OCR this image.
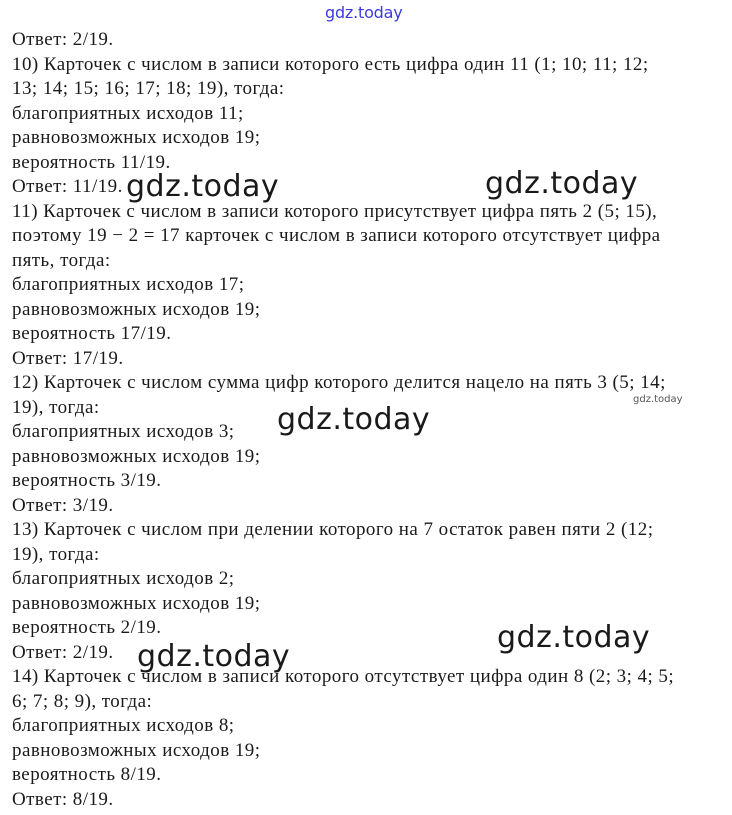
gdz.today
Ответ: 2/19.
10) Карточек с числом в записи которого есть цифра один 11 (1; 10; 11; 12;
13; 14; 15; 16; 17; 18; 19), тогда:
благоприятных исходов 11;
равновозможных исходов 19;
вероятность 11/19.
Ответ: 11/19.
11) Карточек с числом в записи которого присутствует цифра пять 2 (5; 15),
поэтому 19 − 2 = 17 карточек с числом в записи которого отсутствует цифра
пять, тогда:
благоприятных исходов 17;
равновозможных исходов 19;
вероятность 17/19.
Ответ: 17/19.
12) Карточек с числом сумма цифр которого делится нацело на пять 3 (5; 14;
19), тогда:
благоприятных исходов 3;
равновозможных исходов 19;
вероятность 3/19.
Ответ: 3/19.
13) Карточек с числом при делении которого на 7 остаток равен пяти 2 (12;
19), тогда:
благоприятных исходов 2;
равновозможных исходов 19;
вероятность 2/19.
Ответ: 2/19.
14) Карточек с числом в записи которого отсутствует цифра один 8 (2; 3; 4; 5;
6; 7; 8; 9), тогда:
благоприятных исходов 8;
равновозможных исходов 19;
вероятность 8/19.
Ответ: 8/19.
gdz.today	gdz.today
gdz.today
gdz.today
gdz.today
gdz.today
